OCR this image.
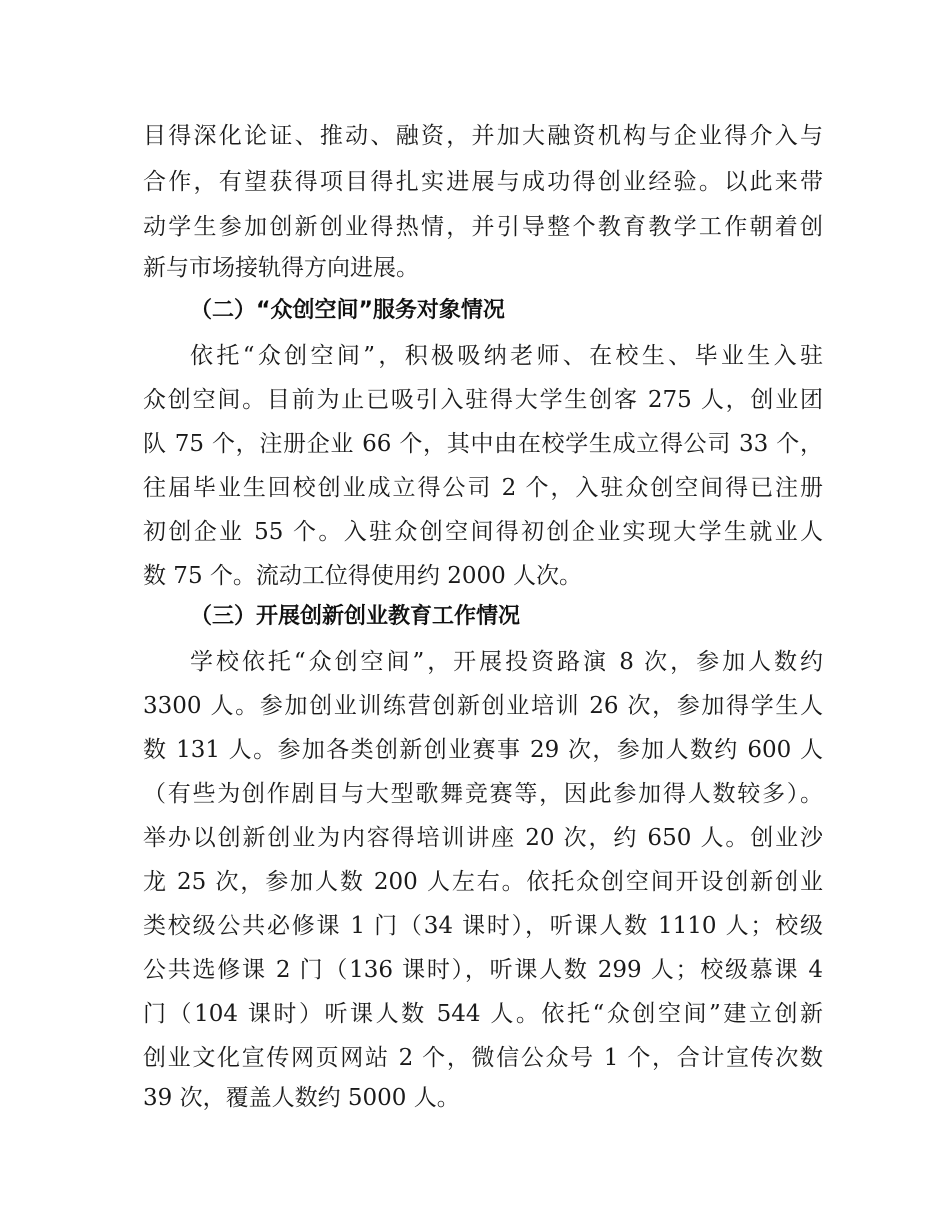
目得深化论证、推动、融资，并加大融资机构与企业得介入与
合作，有望获得项目得扎实进展与成功得创业经验。以此来带
动学生参加创新创业得热情，并引导整个教育教学工作朝着创
新与市场接轨得方向进展。
（二）“众创空间”服务对象情况
依托“众创空间”，积极吸纳老师、在校生、毕业生入驻
众创空间。目前为止已吸引入驻得大学生创客 275 人，创业团
队 75 个，注册企业 66 个，其中由在校学生成立得公司 33 个，
往届毕业生回校创业成立得公司 2 个，入驻众创空间得已注册
初创企业 55 个。入驻众创空间得初创企业实现大学生就业人
数 75 个。流动工位得使用约 2000 人次。
（三）开展创新创业教育工作情况
学校依托“众创空间”，开展投资路演 8 次，参加人数约
3300 人。参加创业训练营创新创业培训 26 次，参加得学生人
数 131 人。参加各类创新创业赛事 29 次，参加人数约 600 人
（有些为创作剧目与大型歌舞竞赛等，因此参加得人数较多）。
举办以创新创业为内容得培训讲座 20 次，约 650 人。创业沙
龙 25 次，参加人数 200 人左右。依托众创空间开设创新创业
类校级公共必修课 1 门（34 课时），听课人数 1110 人；校级
公共选修课 2 门（136 课时），听课人数 299 人；校级慕课 4
门（104 课时）听课人数 544 人。依托“众创空间”建立创新
创业文化宣传网页网站 2 个，微信公众号 1 个，合计宣传次数
39 次，覆盖人数约 5000 人。
